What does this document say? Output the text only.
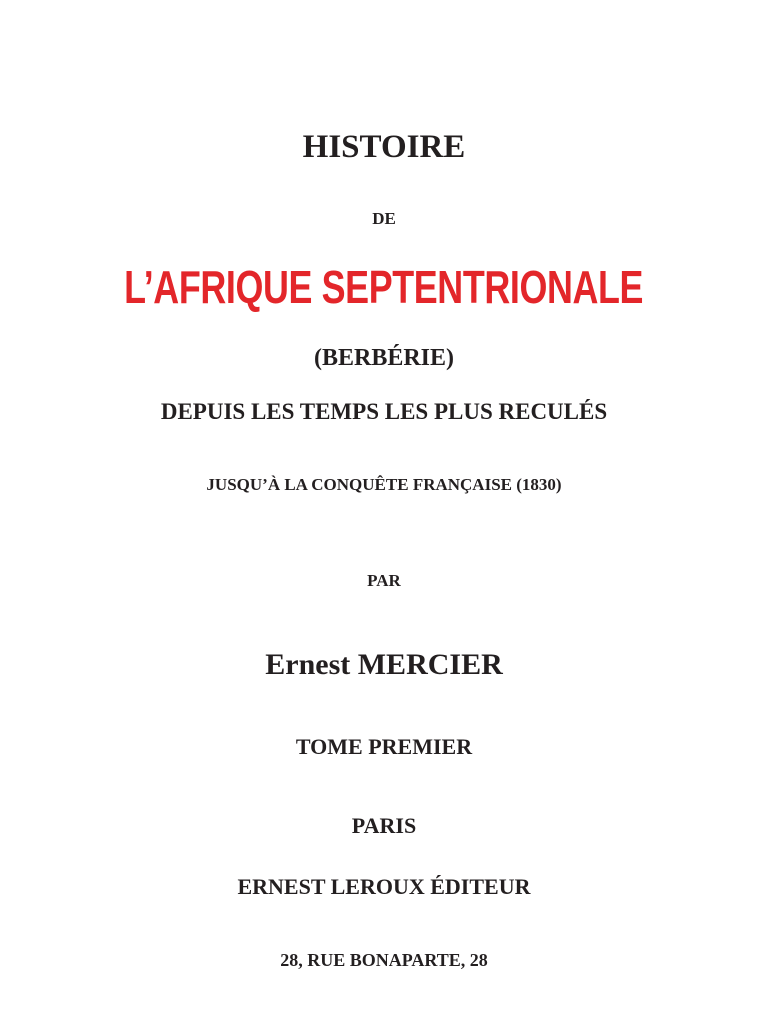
HISTOIRE
DE
L’AFRIQUE SEPTENTRIONALE
(BERBÉRIE)
DEPUIS LES TEMPS LES PLUS RECULÉS
JUSQU’À LA CONQUÊTE FRANÇAISE (1830)
PAR
Ernest MERCIER
TOME PREMIER
PARIS
ERNEST LEROUX ÉDITEUR
28, RUE BONAPARTE, 28
